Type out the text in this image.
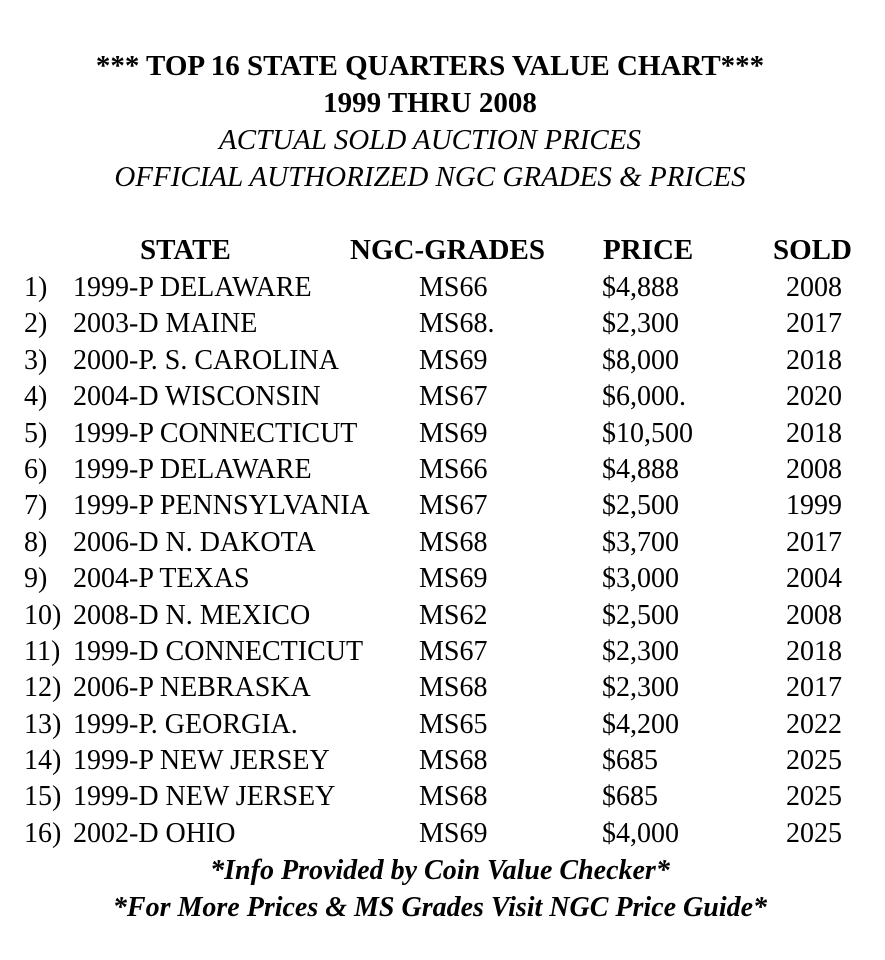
*** TOP 16 STATE QUARTERS VALUE CHART***
1999 THRU 2008
ACTUAL SOLD AUCTION PRICES
OFFICIAL AUTHORIZED NGC GRADES & PRICES
STATE	NGC-GRADES PRICE	SOLD
1) 1999-P DELAWARE	MS66	$4,888	2008
2) 2003-D MAINE	MS68.	$2,300	2017
3) 2000-P. S. CAROLINA	MS69	$8,000	2018
4) 2004-D WISCONSIN	MS67	$6,000.	2020
5) 1999-P CONNECTICUT MS69	$10,500	2018
6) 1999-P DELAWARE	MS66	$4,888	2008
7) 1999-P PENNSYLVANIA MS67	$2,500	1999
8) 2006-D N. DAKOTA	MS68	$3,700	2017
9) 2004-P TEXAS	MS69	$3,000	2004
10) 2008-D N. MEXICO	MS62	$2,500	2008
11) 1999-D CONNECTICUT MS67	$2,300	2018
12) 2006-P NEBRASKA	MS68	$2,300	2017
13) 1999-P. GEORGIA.	MS65	$4,200	2022
14) 1999-P NEW JERSEY	MS68	$685	2025
15) 1999-D NEW JERSEY	MS68	$685	2025
16) 2002-D OHIO	MS69	$4,000	2025
*Info Provided by Coin Value Checker*
*For More Prices & MS Grades Visit NGC Price Guide*
